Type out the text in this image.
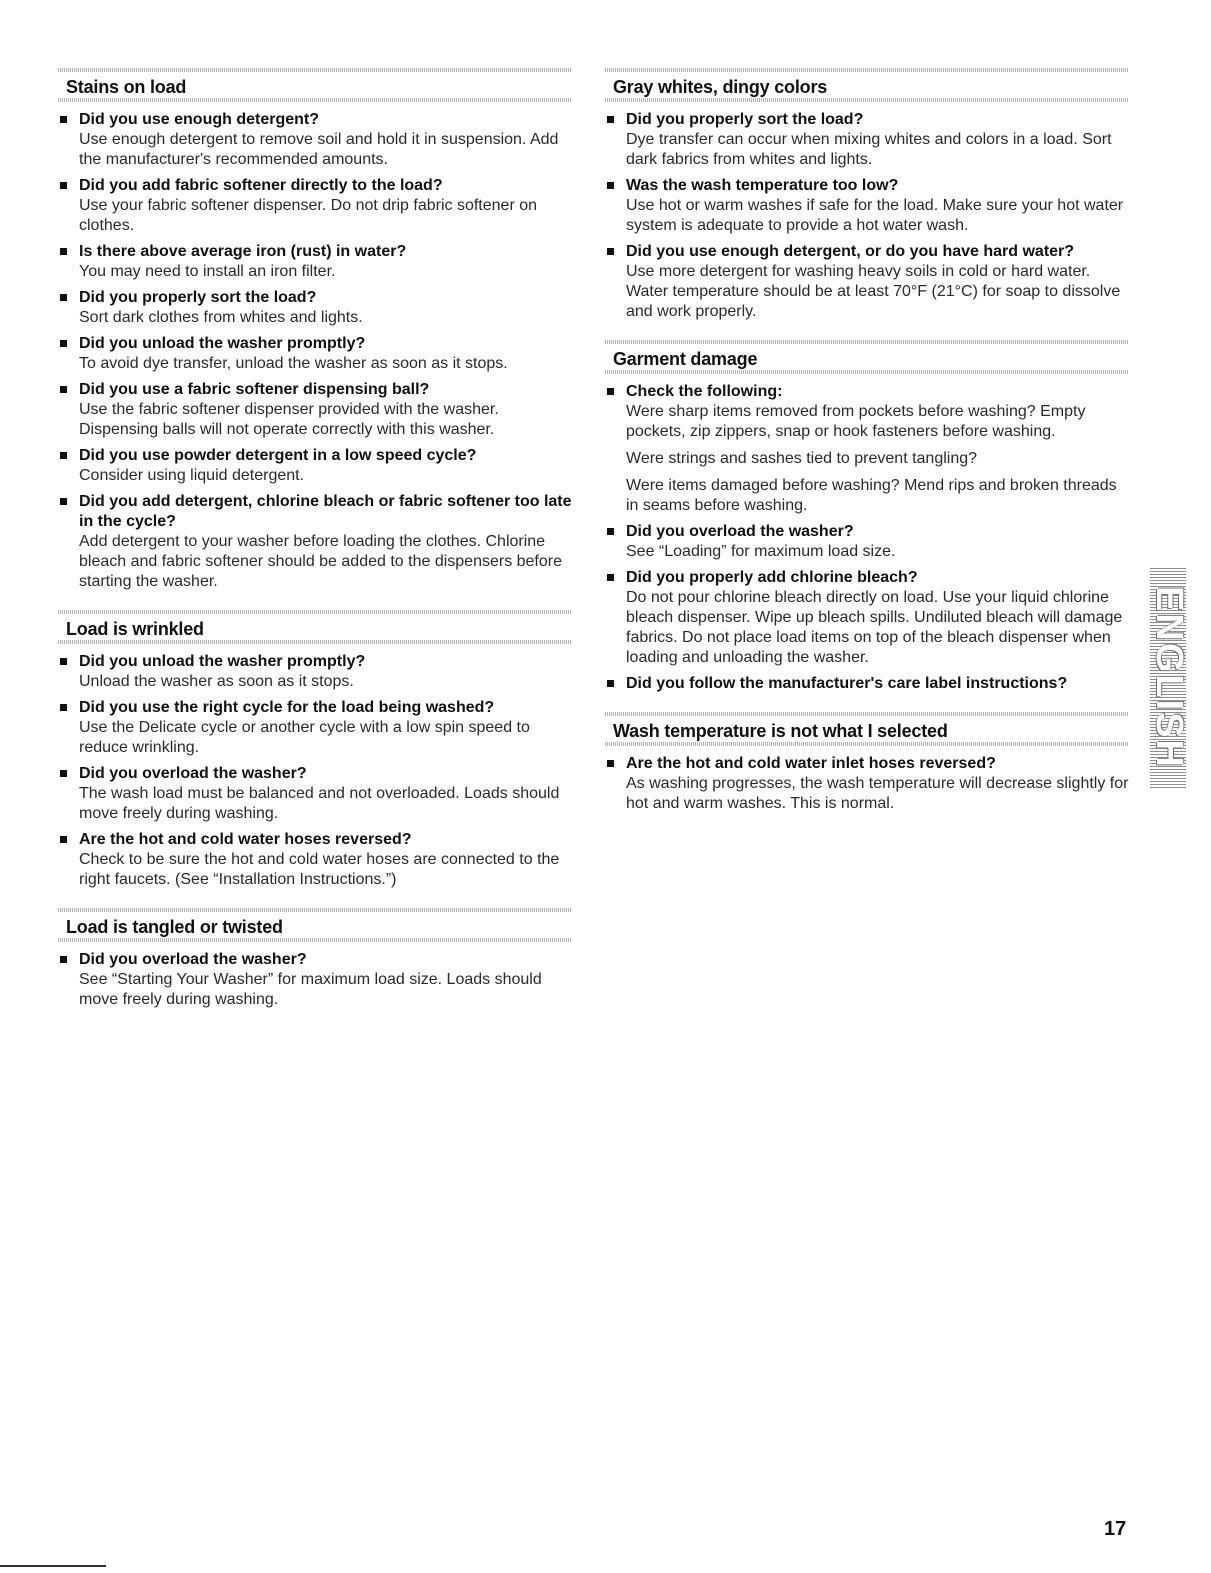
Stains on load
Did you use enough detergent?
Use enough detergent to remove soil and hold it in suspension. Add the manufacturer's recommended amounts.
Did you add fabric softener directly to the load?
Use your fabric softener dispenser. Do not drip fabric softener on clothes.
Is there above average iron (rust) in water?
You may need to install an iron filter.
Did you properly sort the load?
Sort dark clothes from whites and lights.
Did you unload the washer promptly?
To avoid dye transfer, unload the washer as soon as it stops.
Did you use a fabric softener dispensing ball?
Use the fabric softener dispenser provided with the washer. Dispensing balls will not operate correctly with this washer.
Did you use powder detergent in a low speed cycle?
Consider using liquid detergent.
Did you add detergent, chlorine bleach or fabric softener too late in the cycle?
Add detergent to your washer before loading the clothes. Chlorine bleach and fabric softener should be added to the dispensers before starting the washer.
Load is wrinkled
Did you unload the washer promptly?
Unload the washer as soon as it stops.
Did you use the right cycle for the load being washed?
Use the Delicate cycle or another cycle with a low spin speed to reduce wrinkling.
Did you overload the washer?
The wash load must be balanced and not overloaded. Loads should move freely during washing.
Are the hot and cold water hoses reversed?
Check to be sure the hot and cold water hoses are connected to the right faucets. (See “Installation Instructions.”)
Load is tangled or twisted
Did you overload the washer?
See “Starting Your Washer” for maximum load size. Loads should move freely during washing.
Gray whites, dingy colors
Did you properly sort the load?
Dye transfer can occur when mixing whites and colors in a load. Sort dark fabrics from whites and lights.
Was the wash temperature too low?
Use hot or warm washes if safe for the load. Make sure your hot water system is adequate to provide a hot water wash.
Did you use enough detergent, or do you have hard water?
Use more detergent for washing heavy soils in cold or hard water. Water temperature should be at least 70°F (21°C) for soap to dissolve and work properly.
Garment damage
Check the following:
Were sharp items removed from pockets before washing? Empty pockets, zip zippers, snap or hook fasteners before washing.
Were strings and sashes tied to prevent tangling?
Were items damaged before washing? Mend rips and broken threads in seams before washing.
Did you overload the washer?
See “Loading” for maximum load size.
Did you properly add chlorine bleach?
Do not pour chlorine bleach directly on load. Use your liquid chlorine bleach dispenser. Wipe up bleach spills. Undiluted bleach will damage fabrics. Do not place load items on top of the bleach dispenser when loading and unloading the washer.
Did you follow the manufacturer's care label instructions?
Wash temperature is not what I selected
Are the hot and cold water inlet hoses reversed?
As washing progresses, the wash temperature will decrease slightly for hot and warm washes. This is normal.
ENGLISH
17
